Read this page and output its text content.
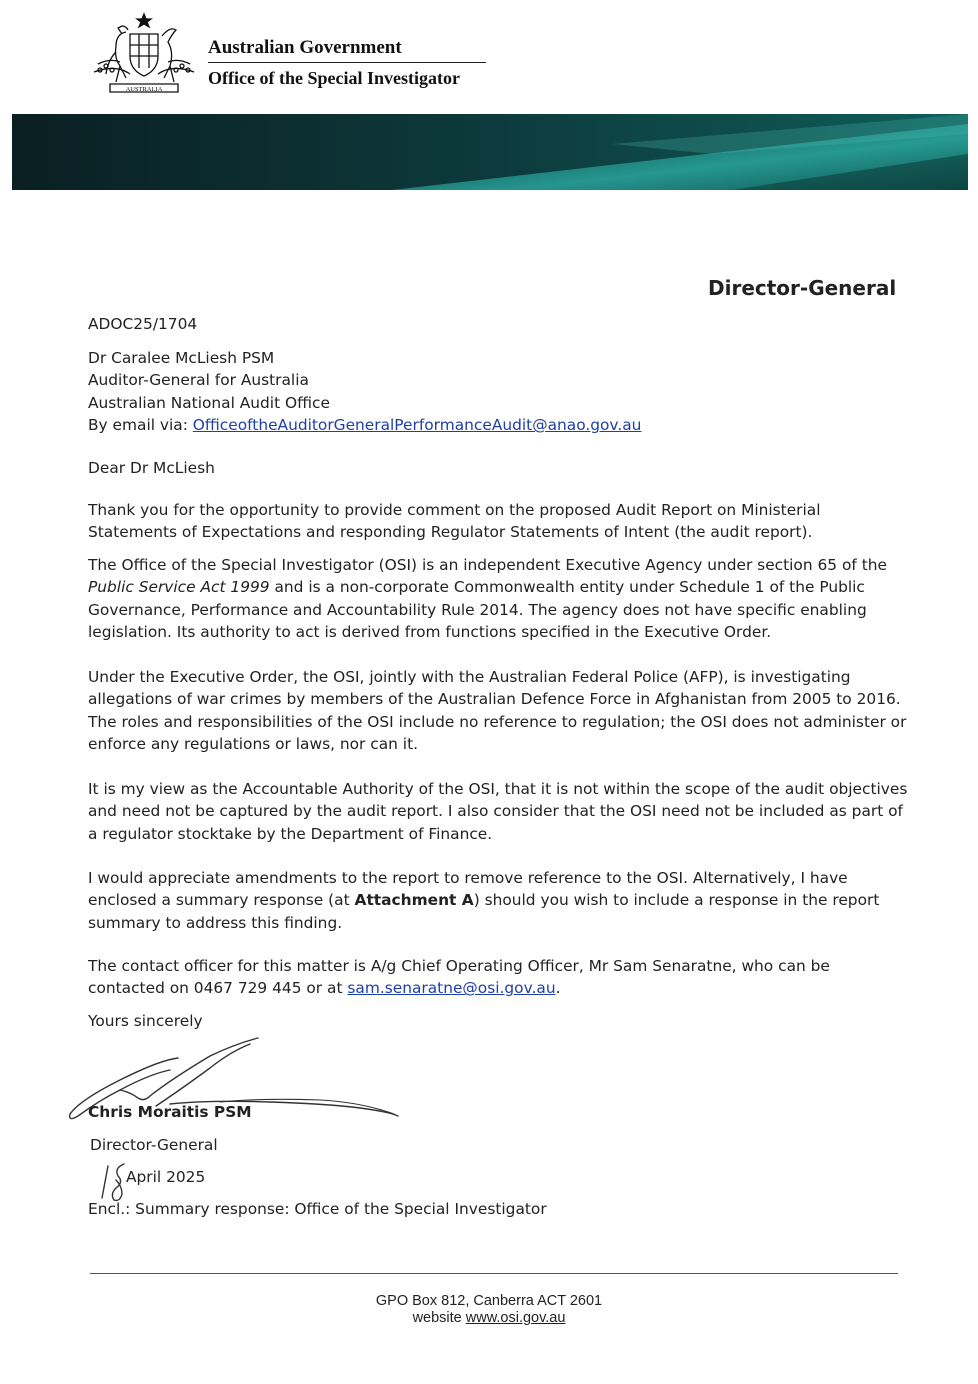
AUSTRALIA
Australian Government
Office of the Special Investigator
Director-General
ADOC25/1704

Dr Caralee McLiesh PSM

Auditor-General for Australia

Australian National Audit Office

By email via: OfficeoftheAuditorGeneralPerformanceAudit@anao.gov.au

Dear Dr McLiesh
Thank you for the opportunity to provide comment on the proposed Audit Report on Ministerial Statements of Expectations and responding Regulator Statements of Intent (the audit report).
The Office of the Special Investigator (OSI) is an independent Executive Agency under section 65 of the Public Service Act 1999 and is a non-corporate Commonwealth entity under Schedule 1 of the Public Governance, Performance and Accountability Rule 2014. The agency does not have specific enabling legislation. Its authority to act is derived from functions specified in the Executive Order.
Under the Executive Order, the OSI, jointly with the Australian Federal Police (AFP), is investigating allegations of war crimes by members of the Australian Defence Force in Afghanistan from 2005 to 2016. The roles and responsibilities of the OSI include no reference to regulation; the OSI does not administer or enforce any regulations or laws, nor can it.
It is my view as the Accountable Authority of the OSI, that it is not within the scope of the audit objectives and need not be captured by the audit report. I also consider that the OSI need not be included as part of a regulator stocktake by the Department of Finance.
I would appreciate amendments to the report to remove reference to the OSI. Alternatively, I have enclosed a summary response (at Attachment A) should you wish to include a response in the report summary to address this finding.
The contact officer for this matter is A/g Chief Operating Officer, Mr Sam Senaratne, who can be contacted on 0467 729 445 or at sam.senaratne@osi.gov.au.
Yours sincerely
Chris Moraitis PSM
Director-General
April 2025
Encl.: Summary response: Office of the Special Investigator
GPO Box 812, Canberra ACT 2601
website www.osi.gov.au
